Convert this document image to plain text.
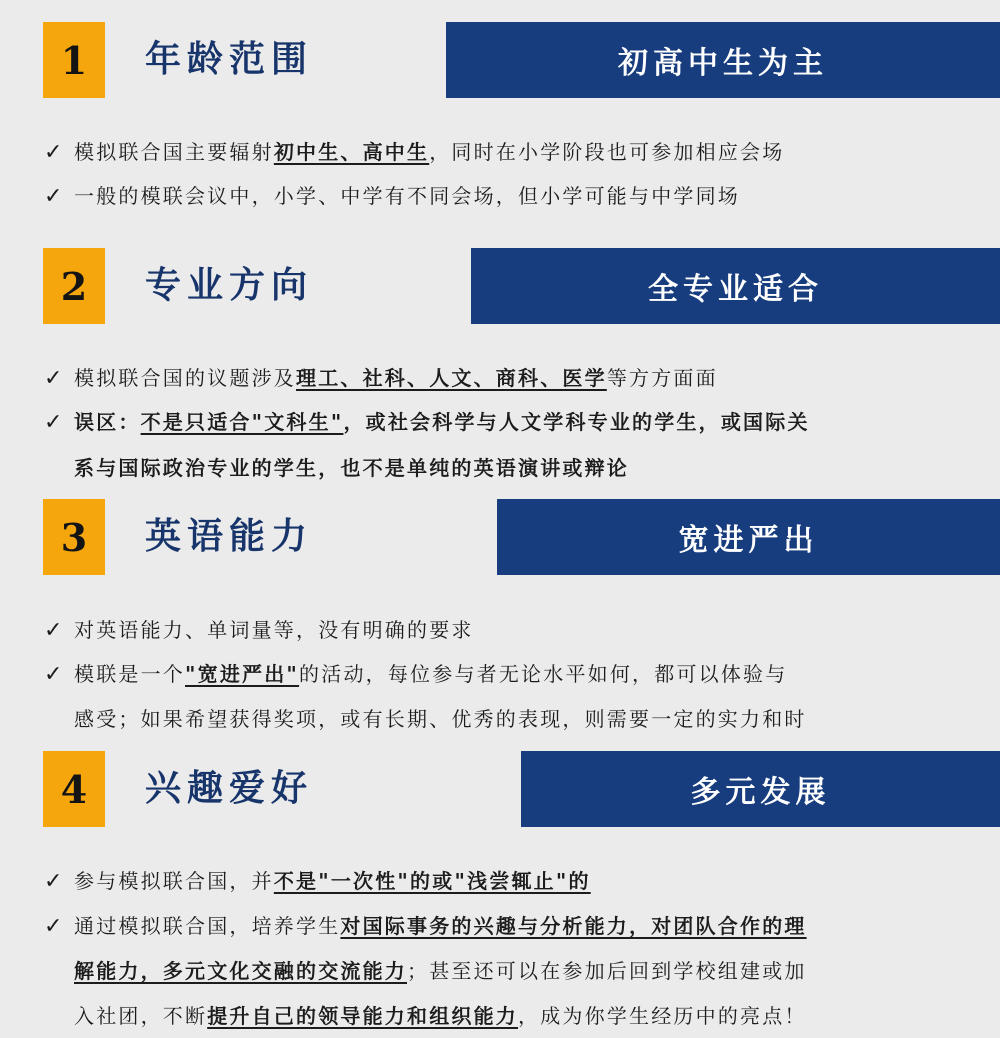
1	年龄范围	初高中生为主
✓ 模拟联合国主要辐射初中生、高中生，同时在小学阶段也可参加相应会场
✓ 一般的模联会议中，小学、中学有不同会场，但小学可能与中学同场
2	专业方向	全专业适合
✓ 模拟联合国的议题涉及理工、社科、人文、商科、医学等方方面面
✓ 误区：不是只适合"文科生"，或社会科学与人文学科专业的学生，或国际关
系与国际政治专业的学生，也不是单纯的英语演讲或辩论
3	英语能力	宽进严出
✓ 对英语能力、单词量等，没有明确的要求
✓ 模联是一个"宽进严出"的活动，每位参与者无论水平如何，都可以体验与
感受；如果希望获得奖项，或有长期、优秀的表现，则需要一定的实力和时
4	兴趣爱好	多元发展
✓ 参与模拟联合国，并不是"一次性"的或"浅尝辄止"的
✓ 通过模拟联合国，培养学生对国际事务的兴趣与分析能力，对团队合作的理
解能力，多元文化交融的交流能力；甚至还可以在参加后回到学校组建或加
入社团，不断提升自己的领导能力和组织能力，成为你学生经历中的亮点！
